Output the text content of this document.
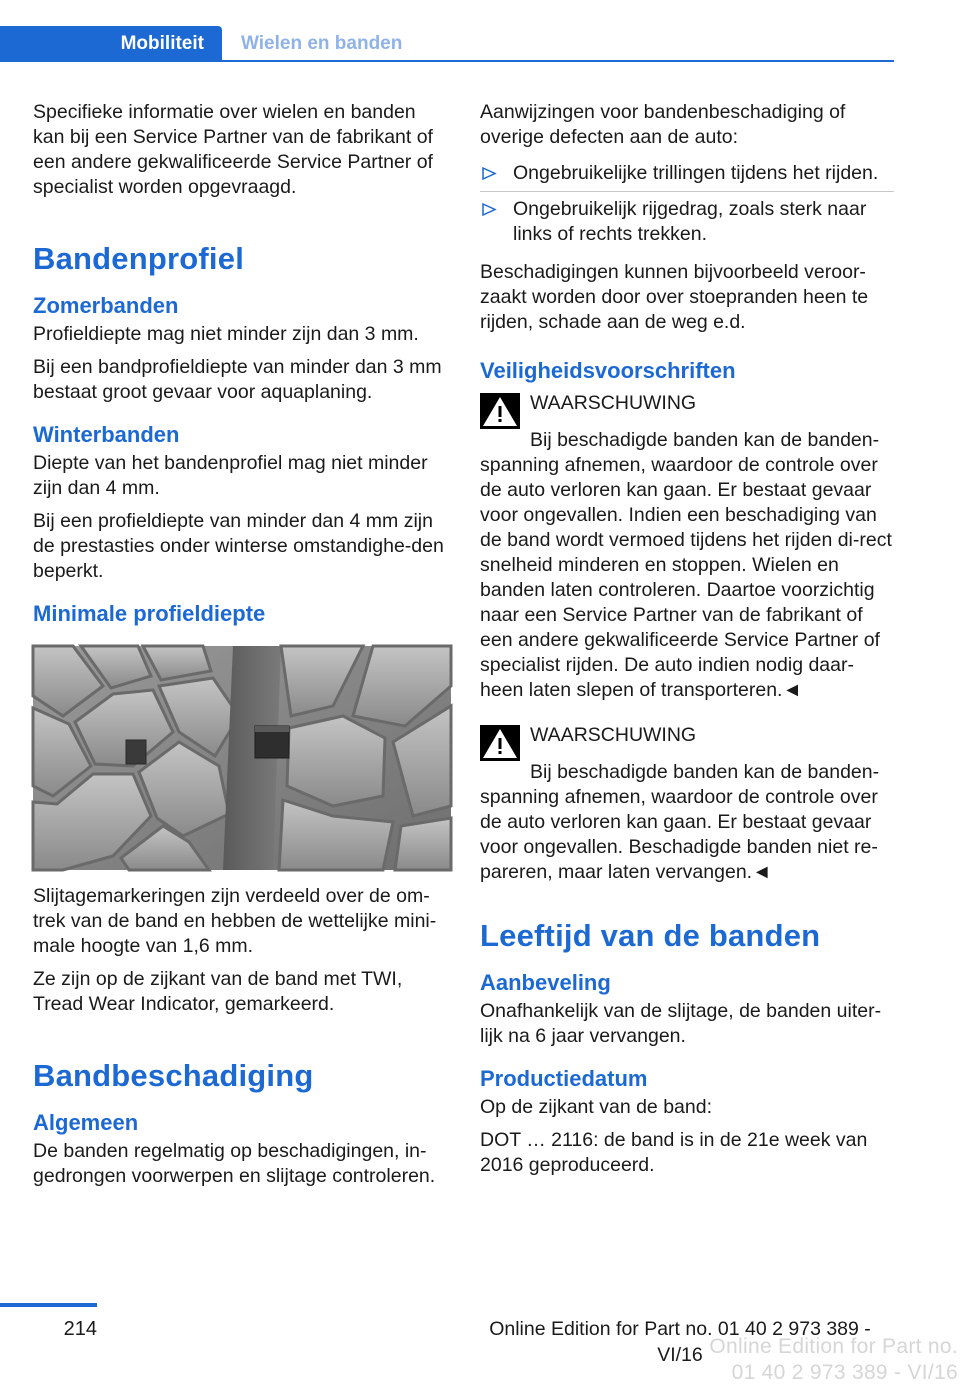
Mobiliteit	Wielen en banden

Specifieke informatie over wielen en banden kan bij een Service Partner van de fabrikant of een andere gekwalificeerde Service Partner of specialist worden opgevraagd.

Bandenprofiel
Zomerbanden

Profieldiepte mag niet minder zijn dan 3 mm.

Bij een bandprofieldiepte van minder dan 3 mm bestaat groot gevaar voor aquaplaning.

Winterbanden

Diepte van het bandenprofiel mag niet minder zijn dan 4 mm.

Bij een profieldiepte van minder dan 4 mm zijn de prestasties onder winterse omstandighe-den beperkt.

Minimale profieldiepte

Slijtagemarkeringen zijn verdeeld over de om-trek van de band en hebben de wettelijke mini-male hoogte van 1,6 mm.

Ze zijn op de zijkant van de band met TWI, Tread Wear Indicator, gemarkeerd.

Bandbeschadiging
Algemeen

De banden regelmatig op beschadigingen, in-gedrongen voorwerpen en slijtage controleren.

Aanwijzingen voor bandenbeschadiging of overige defecten aan de auto:

Ongebruikelijke trillingen tijdens het rijden.
Ongebruikelijk rijgedrag, zoals sterk naar links of rechts trekken.

Beschadigingen kunnen bijvoorbeeld veroor-zaakt worden door over stoepranden heen te rijden, schade aan de weg e.d.

Veiligheidsvoorschriften
WAARSCHUWING

Bij beschadigde banden kan de banden-spanning afnemen, waardoor de controle over de auto verloren kan gaan. Er bestaat gevaar voor ongevallen. Indien een beschadiging van de band wordt vermoed tijdens het rijden di-rect snelheid minderen en stoppen. Wielen en banden laten controleren. Daartoe voorzichtig naar een Service Partner van de fabrikant of een andere gekwalificeerde Service Partner of specialist rijden. De auto indien nodig daar-heen laten slepen of transporteren.◄

WAARSCHUWING

Bij beschadigde banden kan de banden-spanning afnemen, waardoor de controle over de auto verloren kan gaan. Er bestaat gevaar voor ongevallen. Beschadigde banden niet re-pareren, maar laten vervangen.◄

Leeftijd van de banden
Aanbeveling

Onafhankelijk van de slijtage, de banden uiter-lijk na 6 jaar vervangen.

Productiedatum

Op de zijkant van de band:

DOT … 2116: de band is in de 21e week van 2016 geproduceerd.

214	Online Edition for Part no. 01 40 2 973 389 - VI/16 Online Edition for Part no. 01 40 2 973 389 - VI/16
